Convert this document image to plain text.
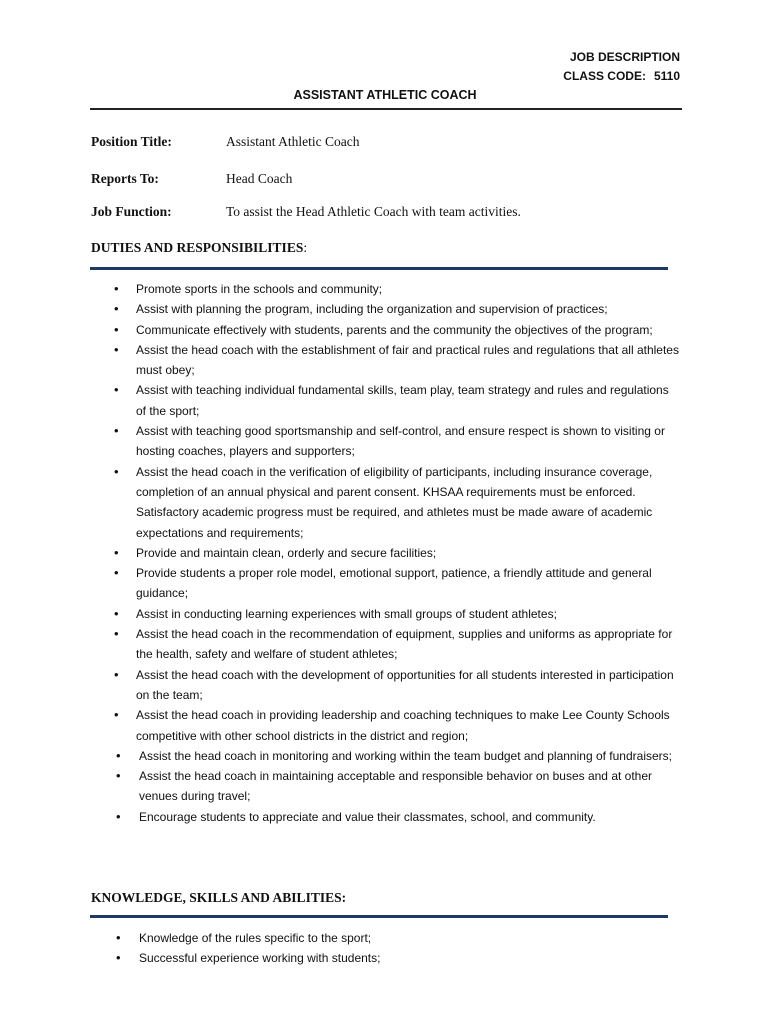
JOB DESCRIPTION
CLASS CODE: 5110
ASSISTANT ATHLETIC COACH
Position Title:	Assistant Athletic Coach
Reports To:	Head Coach
Job Function:	To assist the Head Athletic Coach with team activities.
DUTIES AND RESPONSIBILITIES:
• Promote sports in the schools and community;
• Assist with planning the program, including the organization and supervision of practices;
• Communicate effectively with students, parents and the community the objectives of the program;
• Assist the head coach with the establishment of fair and practical rules and regulations that all athletes must obey;
• Assist with teaching individual fundamental skills, team play, team strategy and rules and regulations of the sport;
• Assist with teaching good sportsmanship and self-control, and ensure respect is shown to visiting or hosting coaches, players and supporters;
• Assist the head coach in the verification of eligibility of participants, including insurance coverage, completion of an annual physical and parent consent. KHSAA requirements must be enforced. Satisfactory academic progress must be required, and athletes must be made aware of academic expectations and requirements;
• Provide and maintain clean, orderly and secure facilities;
• Provide students a proper role model, emotional support, patience, a friendly attitude and general guidance;
• Assist in conducting learning experiences with small groups of student athletes;
• Assist the head coach in the recommendation of equipment, supplies and uniforms as appropriate for the health, safety and welfare of student athletes;
• Assist the head coach with the development of opportunities for all students interested in participation on the team;
• Assist the head coach in providing leadership and coaching techniques to make Lee County Schools competitive with other school districts in the district and region;
• Assist the head coach in monitoring and working within the team budget and planning of fundraisers;
• Assist the head coach in maintaining acceptable and responsible behavior on buses and at other venues during travel;
• Encourage students to appreciate and value their classmates, school, and community.
KNOWLEDGE, SKILLS AND ABILITIES:
• Knowledge of the rules specific to the sport;
• Successful experience working with students;
